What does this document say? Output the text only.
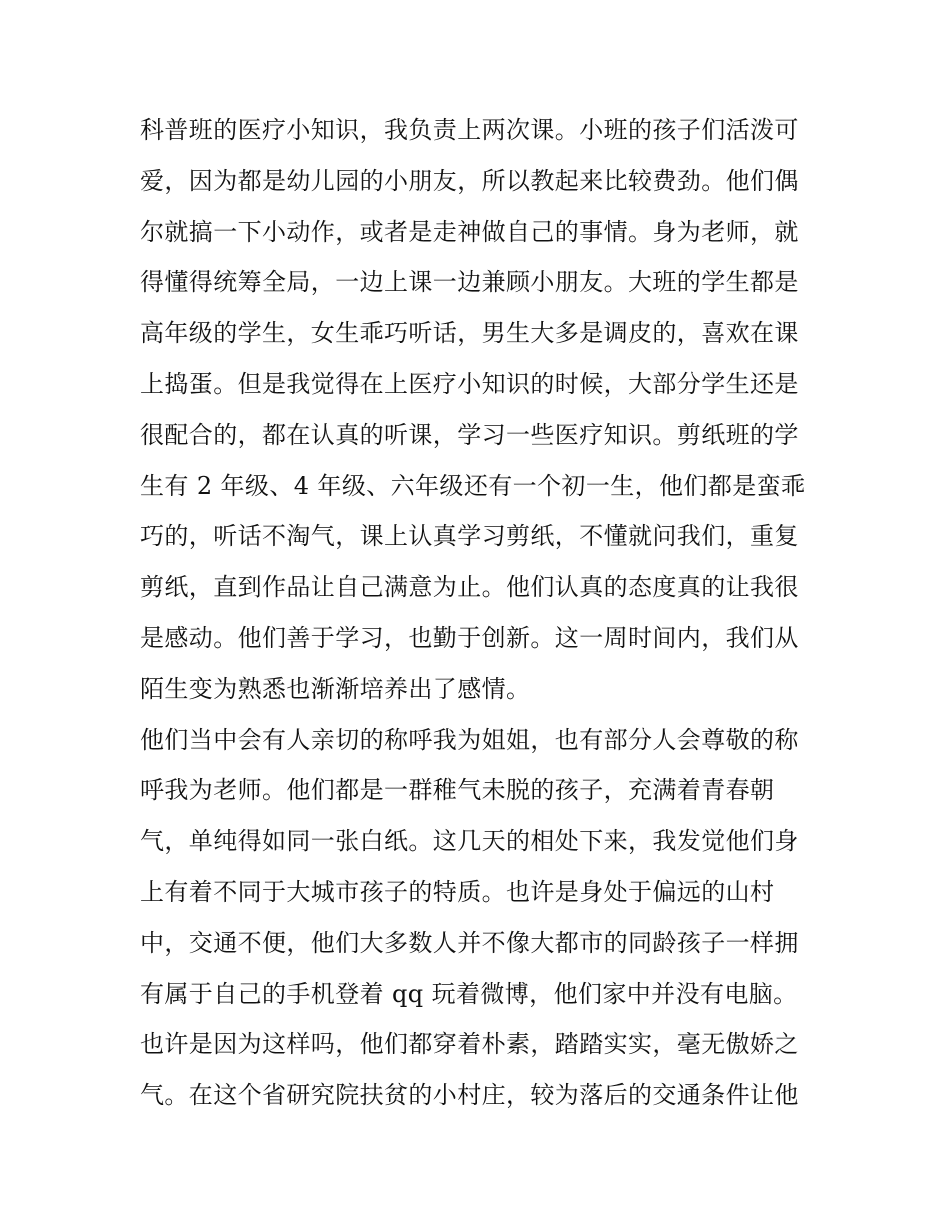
科普班的医疗小知识，我负责上两次课。小班的孩子们活泼可
爱，因为都是幼儿园的小朋友，所以教起来比较费劲。他们偶
尔就搞一下小动作，或者是走神做自己的事情。身为老师，就
得懂得统筹全局，一边上课一边兼顾小朋友。大班的学生都是
高年级的学生，女生乖巧听话，男生大多是调皮的，喜欢在课
上捣蛋。但是我觉得在上医疗小知识的时候，大部分学生还是
很配合的，都在认真的听课，学习一些医疗知识。剪纸班的学
生有 2 年级、4 年级、六年级还有一个初一生，他们都是蛮乖
巧的，听话不淘气，课上认真学习剪纸，不懂就问我们，重复
剪纸，直到作品让自己满意为止。他们认真的态度真的让我很
是感动。他们善于学习，也勤于创新。这一周时间内，我们从
陌生变为熟悉也渐渐培养出了感情。
他们当中会有人亲切的称呼我为姐姐，也有部分人会尊敬的称
呼我为老师。他们都是一群稚气未脱的孩子，充满着青春朝
气，单纯得如同一张白纸。这几天的相处下来，我发觉他们身
上有着不同于大城市孩子的特质。也许是身处于偏远的山村
中，交通不便，他们大多数人并不像大都市的同龄孩子一样拥
有属于自己的手机登着 qq 玩着微博，他们家中并没有电脑。
也许是因为这样吗，他们都穿着朴素，踏踏实实，毫无傲娇之
气。在这个省研究院扶贫的小村庄，较为落后的交通条件让他
